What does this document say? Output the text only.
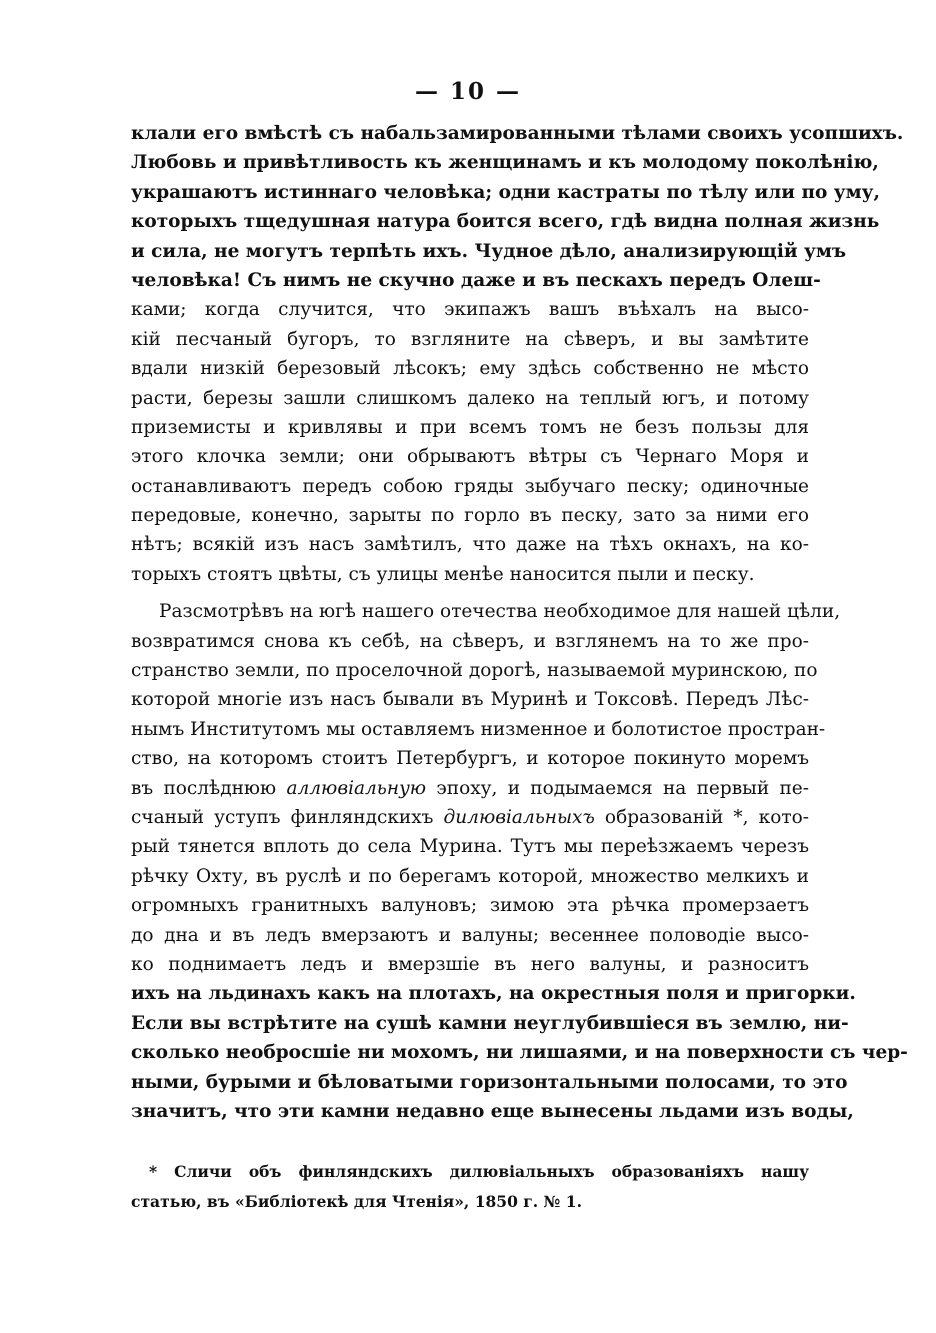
— 10 —
клали его вмѣстѣ съ набальзамированными тѣлами своихъ усопшихъ.
Любовь и привѣтливость къ женщинамъ и къ молодому поколѣнію,
украшаютъ истиннаго человѣка; одни кастраты по тѣлу или по уму,
которыхъ тщедушная натура боится всего, гдѣ видна полная жизнь
и сила, не могутъ терпѣть ихъ. Чудное дѣло, анализирующій умъ
человѣка! Съ нимъ не скучно даже и въ пескахъ передъ Олеш-
ками; когда случится, что экипажъ вашъ въѣхалъ на высо-
кій песчаный бугоръ, то взгляните на сѣверъ, и вы замѣтите
вдали низкій березовый лѣсокъ; ему здѣсь собственно не мѣсто
расти, березы зашли слишкомъ далеко на теплый югъ, и потому
приземисты и кривлявы и при всемъ томъ не безъ пользы для
этого клочка земли; они обрываютъ вѣтры съ Чернаго Моря и
останавливаютъ передъ собою гряды зыбучаго песку; одиночные
передовые, конечно, зарыты по горло въ песку, зато за ними его
нѣтъ; всякій изъ насъ замѣтилъ, что даже на тѣхъ окнахъ, на ко-
торыхъ стоятъ цвѣты, съ улицы менѣе наносится пыли и песку.
Разсмотрѣвъ на югѣ нашего отечества необходимое для нашей цѣли,
возвратимся снова къ себѣ, на сѣверъ, и взглянемъ на то же про-
странство земли, по проселочной дорогѣ, называемой муринскою, по
которой многіе изъ насъ бывали въ Муринѣ и Токсовѣ. Передъ Лѣс-
нымъ Институтомъ мы оставляемъ низменное и болотистое простран-
ство, на которомъ стоитъ Петербургъ, и которое покинуто моремъ
въ послѣднюю аллювіальную эпоху, и подымаемся на первый пе-
счаный уступъ финляндскихъ дилювіальныхъ образованій *, кото-
рый тянется вплоть до села Мурина. Тутъ мы переѣзжаемъ черезъ
рѣчку Охту, въ руслѣ и по берегамъ которой, множество мелкихъ и
огромныхъ гранитныхъ валуновъ; зимою эта рѣчка промерзаетъ
до дна и въ ледъ вмерзаютъ и валуны; весеннее половодіе высо-
ко поднимаетъ ледъ и вмерзшіе въ него валуны, и разноситъ
ихъ на льдинахъ какъ на плотахъ, на окрестныя поля и пригорки.
Если вы встрѣтите на сушѣ камни неуглубившіеся въ землю, ни-
сколько необросшіе ни мохомъ, ни лишаями, и на поверхности съ чер-
ными, бурыми и бѣловатыми горизонтальными полосами, то это
значитъ, что эти камни недавно еще вынесены льдами изъ воды,
* Сличи объ финляндскихъ дилювіальныхъ образованіяхъ нашу
статью, въ «Библіотекѣ для Чтенія», 1850 г. № 1.
